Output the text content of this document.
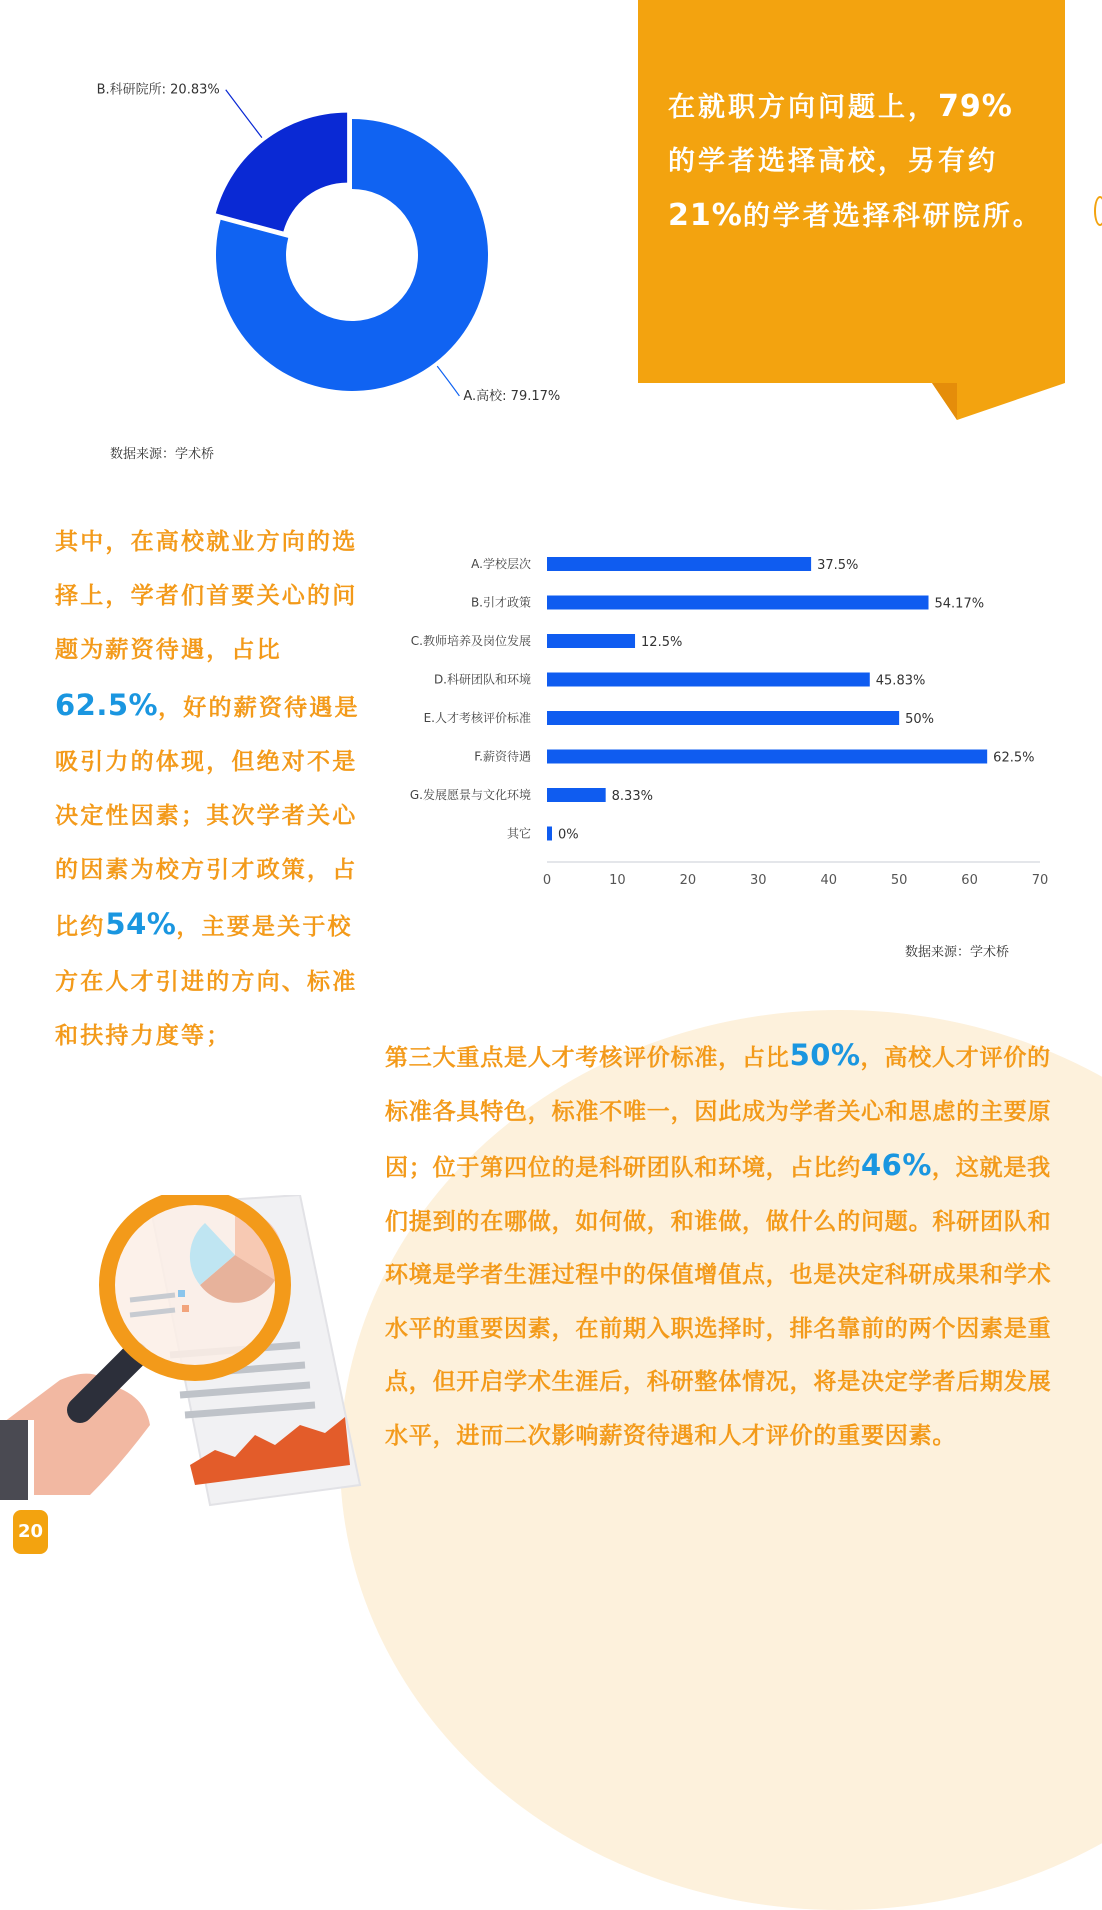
在就职方向问题上，79%
的学者选择高校，另有约
21%的学者选择科研院所。
A.高校: 79.17%
B.科研院所: 20.83%
数据来源：学术桥
A.学校层次	37.5%
B.引才政策	54.17%
C.教师培养及岗位发展	12.5%
D.科研团队和环境	45.83%
E.人才考核评价标准	50%
F.薪资待遇	62.5%
G.发展愿景与文化环境	8.33%
其它 0%
0	10	20	30	40	50	60	70
数据来源：学术桥
其中，在高校就业方向的选择上，学者们首要关心的问题为薪资待遇，占比62.5%，好的薪资待遇是吸引力的体现，但绝对不是决定性因素；其次学者关心的因素为校方引才政策，占比约54%，主要是关于校方在人才引进的方向、标准和扶持力度等；
第三大重点是人才考核评价标准，占比50%，高校人才评价的标准各具特色，标准不唯一，因此成为学者关心和思虑的主要原因；位于第四位的是科研团队和环境，占比约46%，这就是我们提到的在哪做，如何做，和谁做，做什么的问题。科研团队和环境是学者生涯过程中的保值增值点，也是决定科研成果和学术水平的重要因素，在前期入职选择时，排名靠前的两个因素是重点，但开启学术生涯后，科研整体情况，将是决定学者后期发展水平，进而二次影响薪资待遇和人才评价的重要因素。
20
